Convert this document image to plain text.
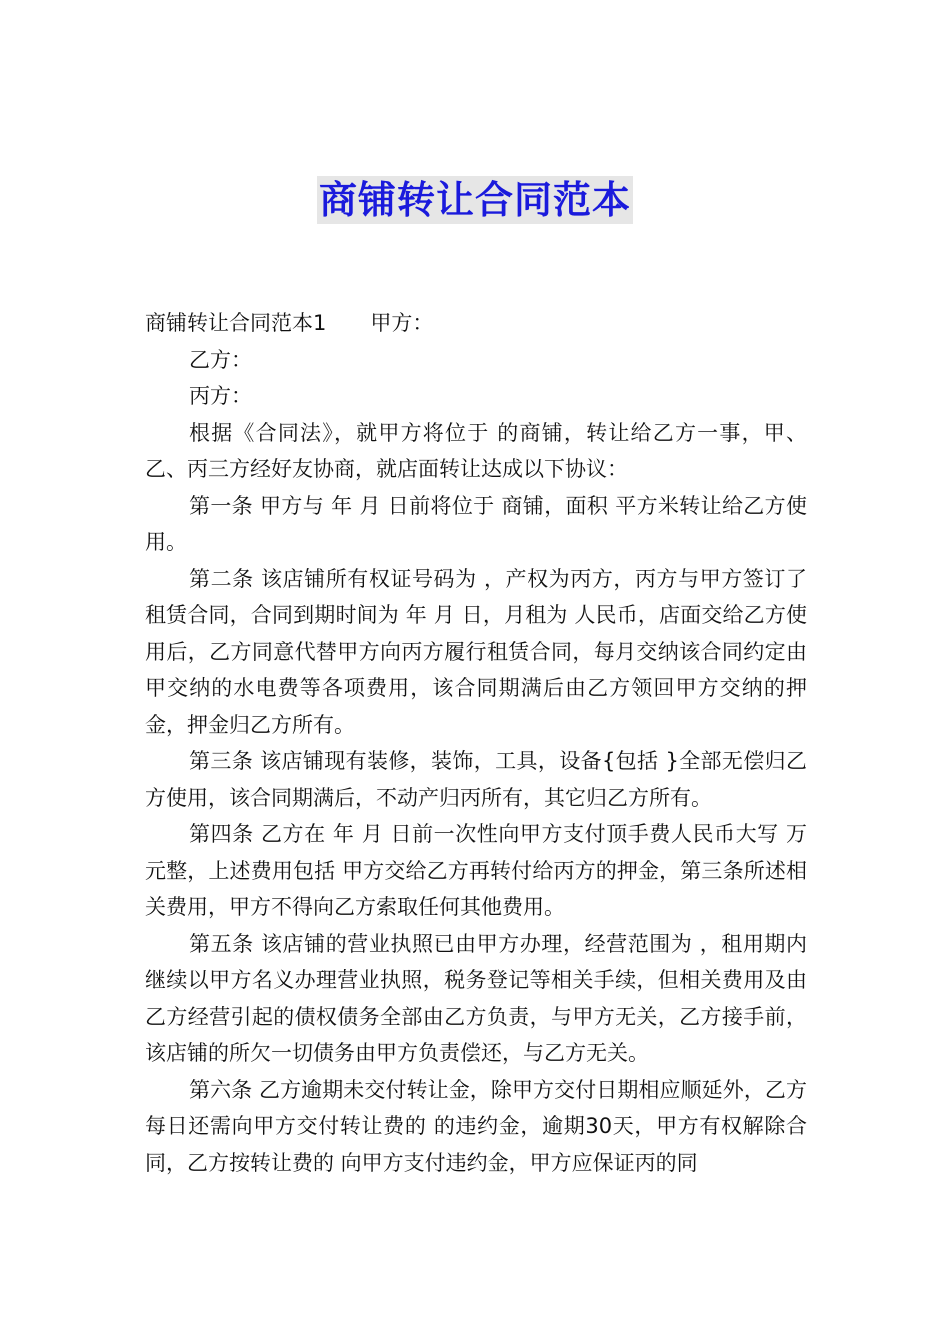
商铺转让合同范本

商铺转让合同范本1 甲方：

乙方：

丙方：

根据《合同法》，就甲方将位于 的商铺，转让给乙方一事，甲、乙、丙三方经好友协商，就店面转让达成以下协议：

第一条 甲方与 年 月 日前将位于 商铺，面积 平方米转让给乙方使用。

第二条 该店铺所有权证号码为 ，产权为丙方，丙方与甲方签订了租赁合同，合同到期时间为 年 月 日，月租为 人民币，店面交给乙方使用后，乙方同意代替甲方向丙方履行租赁合同，每月交纳该合同约定由甲交纳的水电费等各项费用，该合同期满后由乙方领回甲方交纳的押金，押金归乙方所有。

第三条 该店铺现有装修，装饰，工具，设备{包括 }全部无偿归乙方使用，该合同期满后，不动产归丙所有，其它归乙方所有。

第四条 乙方在 年 月 日前一次性向甲方支付顶手费人民币大写 万元整，上述费用包括 甲方交给乙方再转付给丙方的押金，第三条所述相关费用，甲方不得向乙方索取任何其他费用。

第五条 该店铺的营业执照已由甲方办理，经营范围为 ，租用期内继续以甲方名义办理营业执照，税务登记等相关手续，但相关费用及由乙方经营引起的债权债务全部由乙方负责，与甲方无关，乙方接手前，该店铺的所欠一切债务由甲方负责偿还，与乙方无关。

第六条 乙方逾期未交付转让金，除甲方交付日期相应顺延外，乙方每日还需向甲方交付转让费的 的违约金，逾期30天，甲方有权解除合同，乙方按转让费的 向甲方支付违约金，甲方应保证丙的同
